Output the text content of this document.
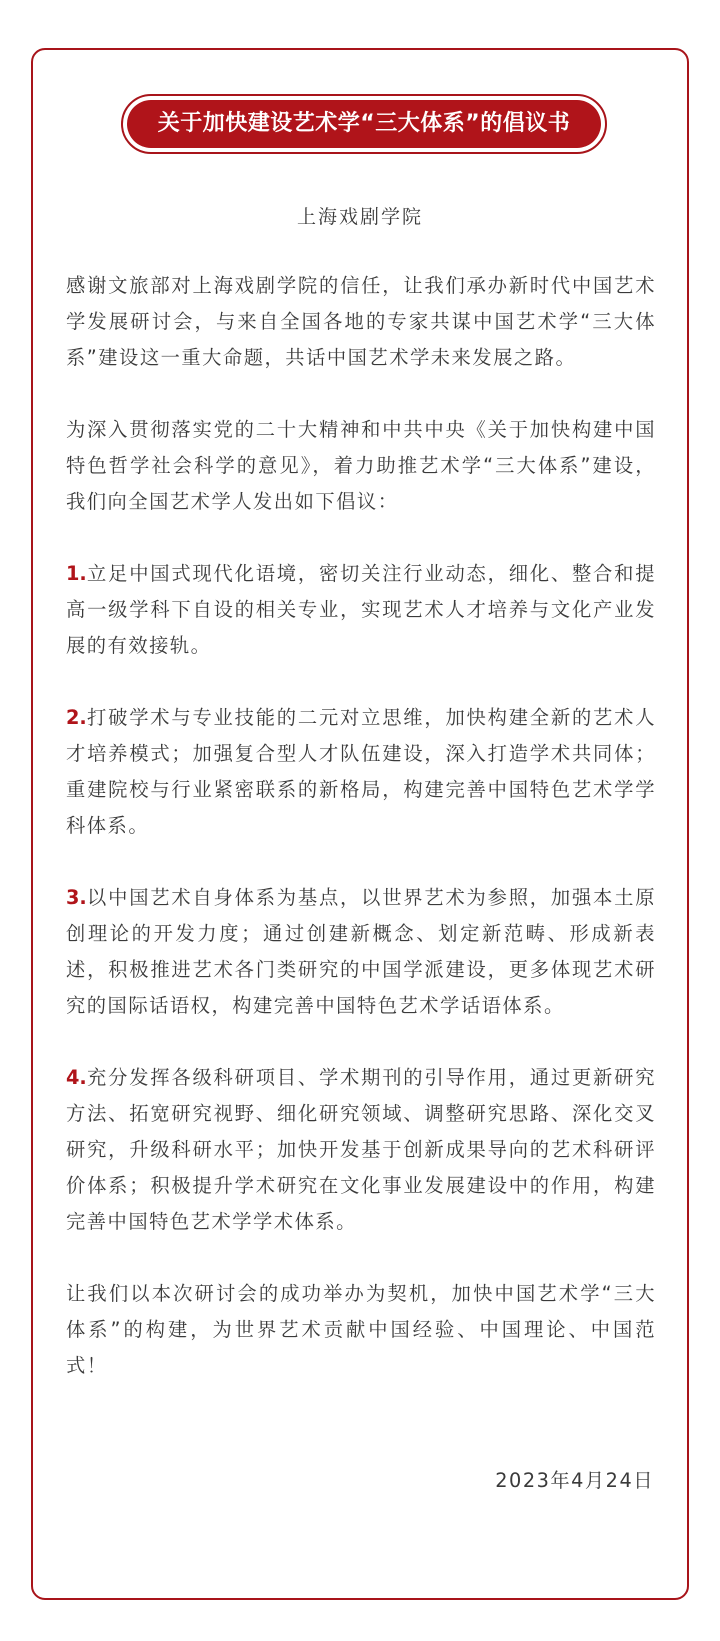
关于加快建设艺术学“三大体系”的倡议书
上海戏剧学院

感谢文旅部对上海戏剧学院的信任，让我们承办新时代中国艺术学发展研讨会，与来自全国各地的专家共谋中国艺术学“三大体系”建设这一重大命题，共话中国艺术学未来发展之路。

为深入贯彻落实党的二十大精神和中共中央《关于加快构建中国特色哲学社会科学的意见》，着力助推艺术学“三大体系”建设，我们向全国艺术学人发出如下倡议：

1.立足中国式现代化语境，密切关注行业动态，细化、整合和提高一级学科下自设的相关专业，实现艺术人才培养与文化产业发展的有效接轨。

2.打破学术与专业技能的二元对立思维，加快构建全新的艺术人才培养模式；加强复合型人才队伍建设，深入打造学术共同体；重建院校与行业紧密联系的新格局，构建完善中国特色艺术学学科体系。

3.以中国艺术自身体系为基点，以世界艺术为参照，加强本土原创理论的开发力度；通过创建新概念、划定新范畴、形成新表述，积极推进艺术各门类研究的中国学派建设，更多体现艺术研究的国际话语权，构建完善中国特色艺术学话语体系。

4.充分发挥各级科研项目、学术期刊的引导作用，通过更新研究方法、拓宽研究视野、细化研究领域、调整研究思路、深化交叉研究，升级科研水平；加快开发基于创新成果导向的艺术科研评价体系；积极提升学术研究在文化事业发展建设中的作用，构建完善中国特色艺术学学术体系。

让我们以本次研讨会的成功举办为契机，加快中国艺术学“三大体系”的构建，为世界艺术贡献中国经验、中国理论、中国范式！

2023年4月24日
